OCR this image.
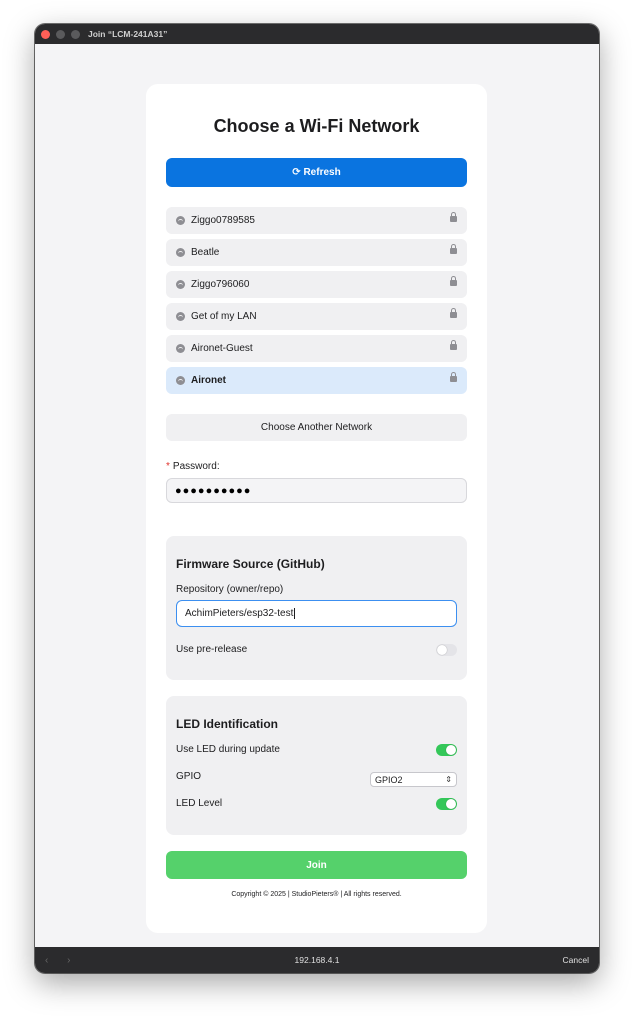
Join “LCM-241A31”
Choose a Wi-Fi Network
⟳ Refresh
Ziggo0789585
Beatle
Ziggo796060
Get of my LAN
Aironet-Guest
Aironet
Choose Another Network
* Password:
●●●●●●●●●●
Firmware Source (GitHub)
Repository (owner/repo)
AchimPieters/esp32-test
Use pre-release
LED Identification
Use LED during update
GPIO	GPIO2	⇕
LED Level
Join
Copyright © 2025 | StudioPieters® | All rights reserved.
‹ ›	192.168.4.1	Cancel
